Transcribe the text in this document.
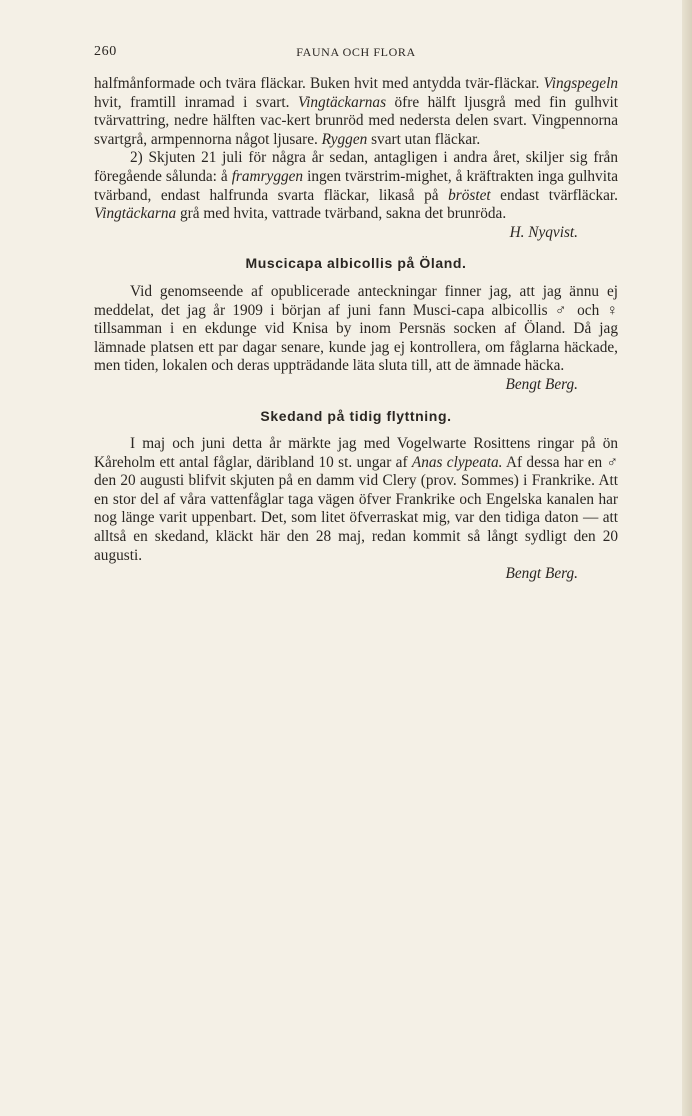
260	FAUNA OCH FLORA

halfmånformade och tvära fläckar. Buken hvit med antydda tvär-fläckar. Vingspegeln hvit, framtill inramad i svart. Vingtäckarnas öfre hälft ljusgrå med fin gulhvit tvärvattring, nedre hälften vac-kert brunröd med nedersta delen svart. Vingpennorna svartgrå, armpennorna något ljusare. Ryggen svart utan fläckar.

2) Skjuten 21 juli för några år sedan, antagligen i andra året, skiljer sig från föregående sålunda: å framryggen ingen tvärstrim-mighet, å kräftrakten inga gulhvita tvärband, endast halfrunda svarta fläckar, likaså på bröstet endast tvärfläckar. Vingtäckarna grå med hvita, vattrade tvärband, sakna det brunröda.

H. Nyqvist.

Muscicapa albicollis på Öland.

Vid genomseende af opublicerade anteckningar finner jag, att jag ännu ej meddelat, det jag år 1909 i början af juni fann Musci-capa albicollis ♂ och ♀ tillsamman i en ekdunge vid Knisa by inom Persnäs socken af Öland. Då jag lämnade platsen ett par dagar senare, kunde jag ej kontrollera, om fåglarna häckade, men tiden, lokalen och deras uppträdande läta sluta till, att de ämnade häcka.

Bengt Berg.

Skedand på tidig flyttning.

I maj och juni detta år märkte jag med Vogelwarte Rosittens ringar på ön Kåreholm ett antal fåglar, däribland 10 st. ungar af Anas clypeata. Af dessa har en ♂ den 20 augusti blifvit skjuten på en damm vid Clery (prov. Sommes) i Frankrike. Att en stor del af våra vattenfåglar taga vägen öfver Frankrike och Engelska kanalen har nog länge varit uppenbart. Det, som litet öfverraskat mig, var den tidiga daton — att alltså en skedand, kläckt här den 28 maj, redan kommit så långt sydligt den 20 augusti.

Bengt Berg.
